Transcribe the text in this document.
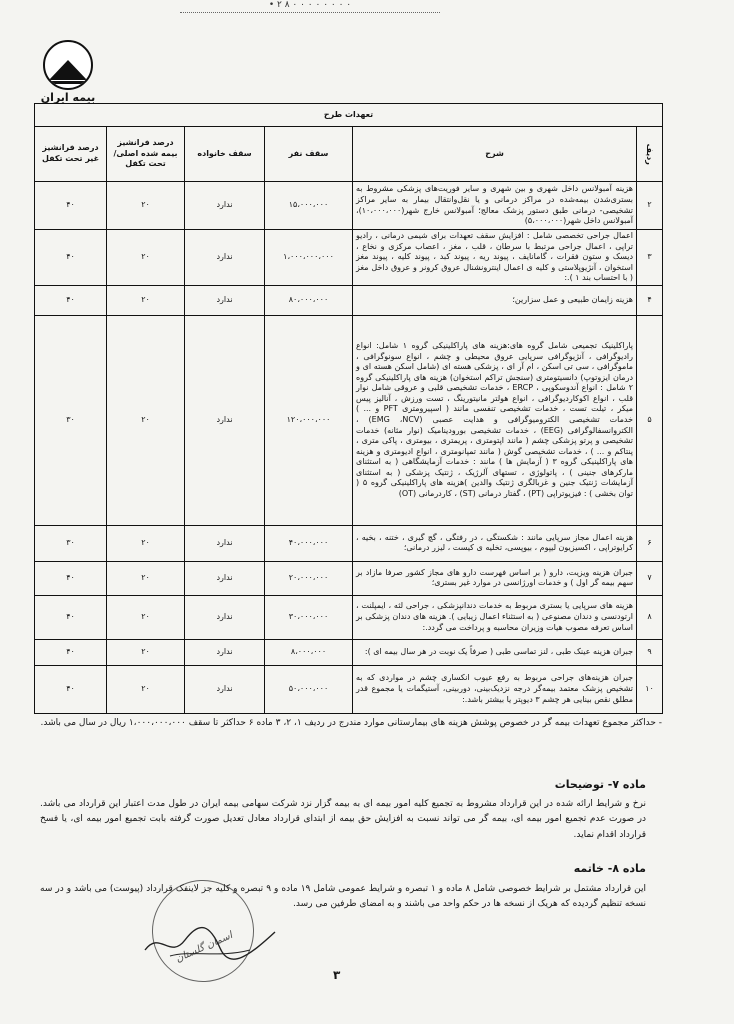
• ۲ ۸ ۰ ۰ ۰ ۰ ۰ ۰ ۰ ۰
بیمه ایران
تعهدات طرح					
ردیف	شرح	سقف نفر	سقف خانواده	درصد فرانشیز بیمه شده اصلی/ تحت تکفل	درصد فرانشیز غیر تحت تکفل
۲	هزینه آمبولانس داخل شهری و بین شهری و سایر فوریت‌های پزشکی مشروط به بستری‌شدن بیمه‌شده در مراکز درمانی و یا نقل‌وانتقال بیمار به سایر مراکز تشخیصی- درمانی طبق دستور پزشک معالج؛ آمبولانس خارج شهر(۱۰،۰۰۰،۰۰۰)، آمبولانس داخل شهر(۵،۰۰۰،۰۰۰)	۱۵،۰۰۰،۰۰۰	ندارد	۲۰	۴۰
۳	اعمال جراحی تخصصی شامل : افزایش سقف تعهدات برای شیمی درمانی ، رادیو تراپی ، اعمال جراحی مرتبط با سرطان ، قلب ، مغز ، اعصاب مرکزی و نخاع ، دیسک و ستون فقرات ، گامانایف ، پیوند ریه ، پیوند کبد ، پیوند کلیه ، پیوند مغز استخوان ، آنژیوپلاستی و کلیه ی اعمال اینترونشنال عروق کرونر و عروق داخل مغز ( با احتساب بند ۱ ).:	۱،۰۰۰،۰۰۰،۰۰۰	ندارد	۲۰	۴۰
۴	هزینه زایمان طبیعی و عمل سزارین؛	۸۰،۰۰۰،۰۰۰	ندارد	۲۰	۴۰
۵	پاراکلینیک تجمیعی شامل گروه های:هزینه های پاراکلینیکی گروه ۱ شامل: انواع رادیوگرافی ، آنژیوگرافی سرپایی عروق محیطی و چشم ، انواع سونوگرافی ، ماموگرافی ، سی تی اسکن ، ام آر ای ، پزشکی هسته ای (شامل اسکن هسته ای و درمان ایزوتوپ) دانسیتومتری (سنجش تراکم استخوان) هزینه های پاراکلینیکی گروه ۲ شامل : انواع آندوسکوپی ، ERCP ، خدمات تشخیصی قلبی و عروقی شامل نوار قلب ، انواع اکوکاردیوگرافی ، انواع هولتر مانیتورینگ ، تست ورزش ، آنالیز پیس میکر ، تیلت تست ، خدمات تشخیصی تنفسی مانند ( اسپیرومتری PFT و ... ) خدمات تشخیصی الکترومیوگرافی و هدایت عصبی (EMG ،NCV) ، الکتروانسفالوگرافی (EEG) ، خدمات تشخیصی بورودینامیک (نوار مثانه) خدمات تشخیصی و پرتو پزشکی چشم ( مانند اپتومتری ، پریمتری ، بیومتری ، پاکی متری ، پنتاکم و ... ) ، خدمات تشخیصی گوش ( مانند تمپانومتری ، انواع ادیومتری و هزینه های پاراکلینیکی گروه ۳ ( آزمایش ها ) مانند : خدمات آزمایشگاهی ( به استثنای مارکرهای جنینی ) ، پاتولوژی ، تستهای آلرژیک ، ژنتیک پزشکی ( به استثنای آزمایشات ژنتیک جنین و غربالگری ژنتیک والدین )هزینه های پاراکلینیکی گروه ۵ ( توان بخشی ) : فیزیوتراپی (PT) ، گفتار درمانی (ST) ، کاردرمانی (OT)	۱۲۰،۰۰۰،۰۰۰	ندارد	۲۰	۳۰
۶	هزینه اعمال مجاز سرپایی مانند : شکستگی ، در رفتگی ، گچ گیری ، ختنه ، بخیه ، کرایوتراپی ، اکسیزیون لیپوم ، بیوپسی، تخلیه ی کیست ، لیزر درمانی؛	۴۰،۰۰۰،۰۰۰	ندارد	۲۰	۳۰
۷	جبران هزینه ویزیت، دارو ( بر اساس فهرست دارو های مجاز کشور صرفا مازاد بر سهم بیمه گر اول ) و خدمات اورژانسی در موارد غیر بستری؛	۲۰،۰۰۰،۰۰۰	ندارد	۲۰	۴۰
۸	هزینه های سرپایی یا بستری مربوط به خدمات دندانپزشکی ، جراحی لثه ، ایمپلنت ، ارتودنسی و دندان مصنوعی ( به استثناء اعمال زیبایی ). هزینه های دندان پزشکی بر اساس تعرفه مصوب هیات وزیران محاسبه و پرداخت می گردد.:	۳۰،۰۰۰،۰۰۰	ندارد	۲۰	۴۰
۹	جبران هزینه عینک طبی ، لنز تماسی طبی ( صرفاً یک نوبت در هر سال بیمه ای ):	۸،۰۰۰،۰۰۰	ندارد	۲۰	۴۰
۱۰	جبران هزینه‌های جراحی مربوط به رفع عیوب انکساری چشم در مواردی که به تشخیص پزشک معتمد بیمه‌گر درجه نزدیک‌بینی، دوربینی، آستیگمات یا مجموع قدر مطلق نقص بینایی هر چشم ۳ دیوپتر یا بیشتر باشد.:	۵۰،۰۰۰،۰۰۰	ندارد	۲۰	۴۰
- حداکثر مجموع تعهدات بیمه گر در خصوص پوشش هزینه های بیمارستانی موارد مندرج در ردیف ۱، ۲، ۳ ماده ۶ حداکثر تا سقف ۱،۰۰۰،۰۰۰،۰۰۰ ریال در سال می باشد.
ماده ۷- توضیحات
نرخ و شرایط ارائه شده در این قرارداد مشروط به تجمیع کلیه امور بیمه ای به بیمه گزار نزد شرکت سهامی بیمه ایران در طول مدت اعتبار این قرارداد می باشد. در صورت عدم تجمیع امور بیمه ای، بیمه گر می تواند نسبت به افزایش حق بیمه از ابتدای قرارداد معادل تعدیل صورت گرفته بابت تجمیع امور بیمه ای، یا فسخ قرارداد اقدام نماید.
ماده ۸- خاتمه
این قرارداد مشتمل بر شرایط خصوصی شامل ۸ ماده و ۱ تبصره و شرایط عمومی شامل ۱۹ ماده و ۹ تبصره و کلیه جز لاینفک قرارداد (پیوست) می باشد و در سه نسخه تنظیم گردیده که هریک از نسخه ها در حکم واحد می باشند و به امضای طرفین می رسد.
اسمان گلستان
۳
